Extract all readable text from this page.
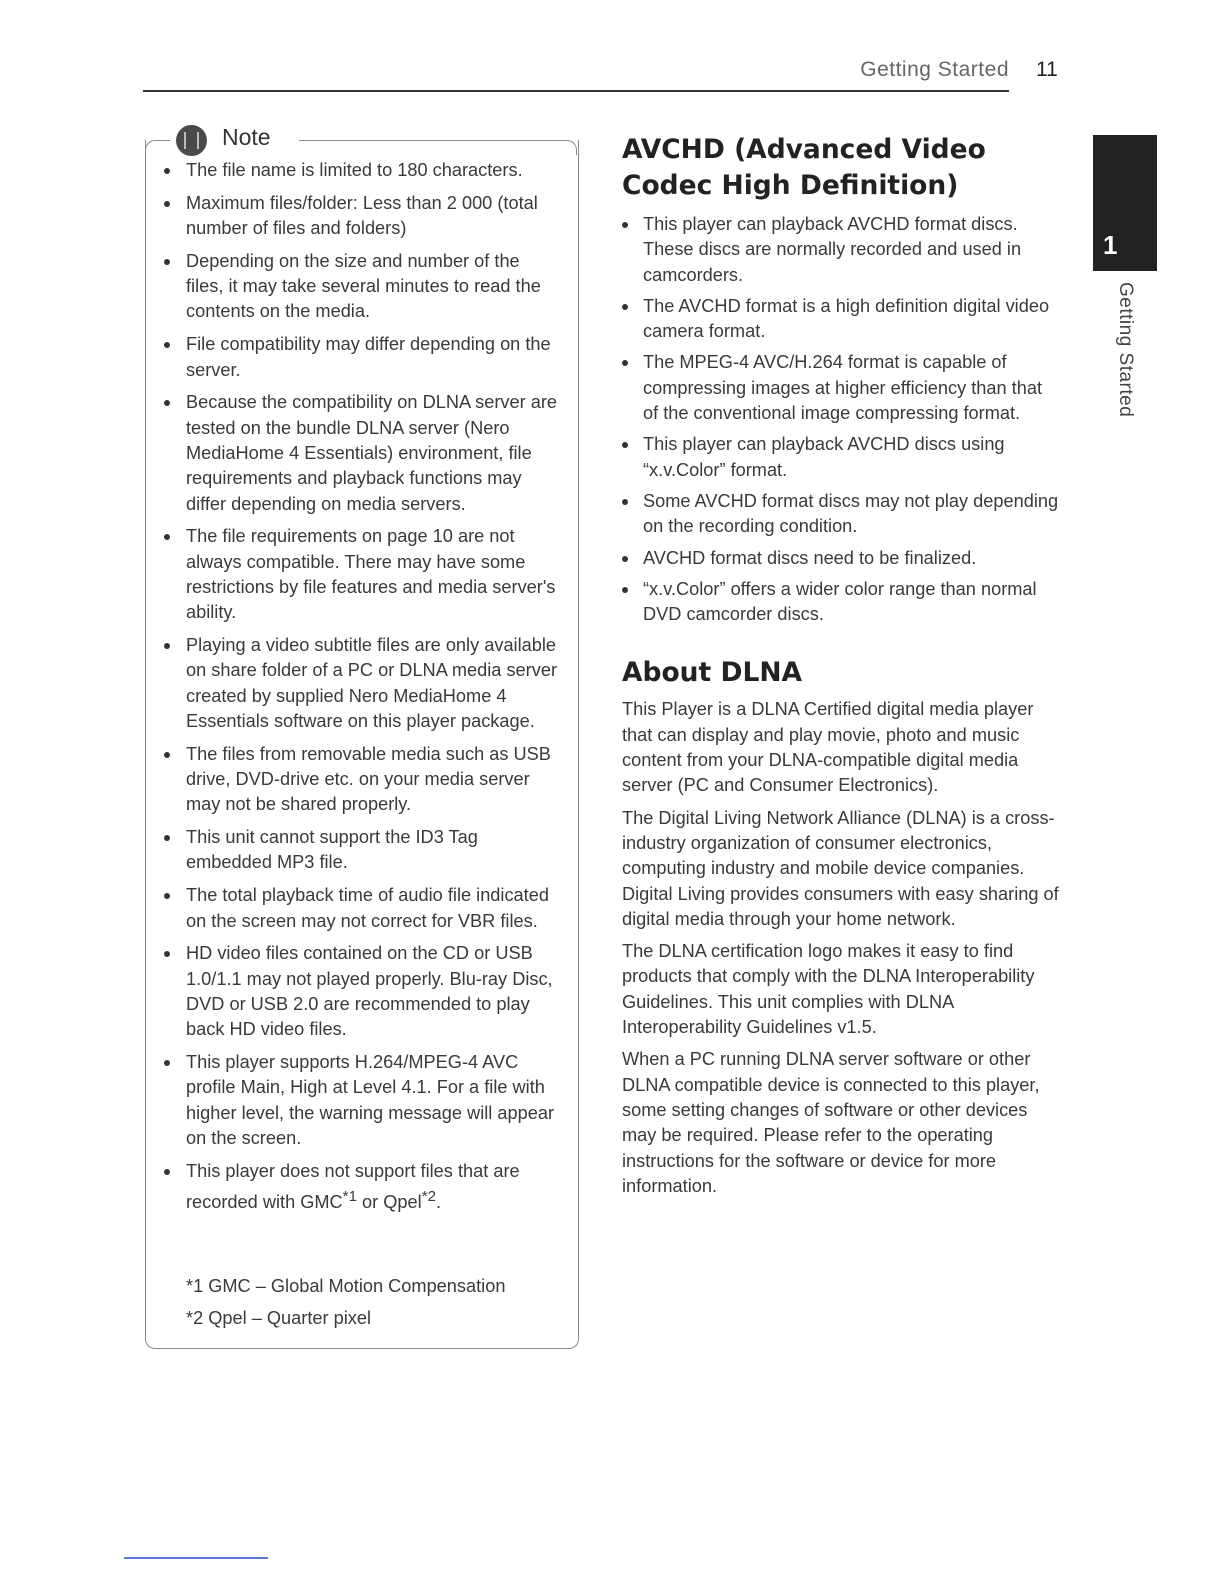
Getting Started 11
1
Getting Started
Note
The file name is limited to 180 characters.
Maximum files/folder: Less than 2 000 (total number of files and folders)
Depending on the size and number of the files, it may take several minutes to read the contents on the media.
File compatibility may differ depending on the server.
Because the compatibility on DLNA server are tested on the bundle DLNA server (Nero MediaHome 4 Essentials) environment, file requirements and playback functions may differ depending on media servers.
The file requirements on page 10 are not always compatible. There may have some restrictions by file features and media server's ability.
Playing a video subtitle files are only available on share folder of a PC or DLNA media server created by supplied Nero MediaHome 4 Essentials software on this player package.
The files from removable media such as USB drive, DVD-drive etc. on your media server may not be shared properly.
This unit cannot support the ID3 Tag embedded MP3 file.
The total playback time of audio file indicated on the screen may not correct for VBR files.
HD video files contained on the CD or USB 1.0/1.1 may not played properly. Blu-ray Disc, DVD or USB 2.0 are recommended to play back HD video files.
This player supports H.264/MPEG-4 AVC profile Main, High at Level 4.1. For a file with higher level, the warning message will appear on the screen.
This player does not support files that are recorded with GMC$^{*1}$ or Qpel$^{*2}$.
*1 GMC – Global Motion Compensation
*2 Qpel – Quarter pixel
AVCHD (Advanced Video
Codec High Definition)
This player can playback AVCHD format discs. These discs are normally recorded and used in camcorders.
The AVCHD format is a high definition digital video camera format.
The MPEG-4 AVC/H.264 format is capable of compressing images at higher efficiency than that of the conventional image compressing format.
This player can playback AVCHD discs using “x.v.Color” format.
Some AVCHD format discs may not play depending on the recording condition.
AVCHD format discs need to be finalized.
“x.v.Color” offers a wider color range than normal DVD camcorder discs.
About DLNA

This Player is a DLNA Certified digital media player that can display and play movie, photo and music content from your DLNA-compatible digital media server (PC and Consumer Electronics).

The Digital Living Network Alliance (DLNA) is a cross-industry organization of consumer electronics, computing industry and mobile device companies. Digital Living provides consumers with easy sharing of digital media through your home network.

The DLNA certification logo makes it easy to find products that comply with the DLNA Interoperability Guidelines. This unit complies with DLNA Interoperability Guidelines v1.5.

When a PC running DLNA server software or other DLNA compatible device is connected to this player, some setting changes of software or other devices may be required. Please refer to the operating instructions for the software or device for more information.
